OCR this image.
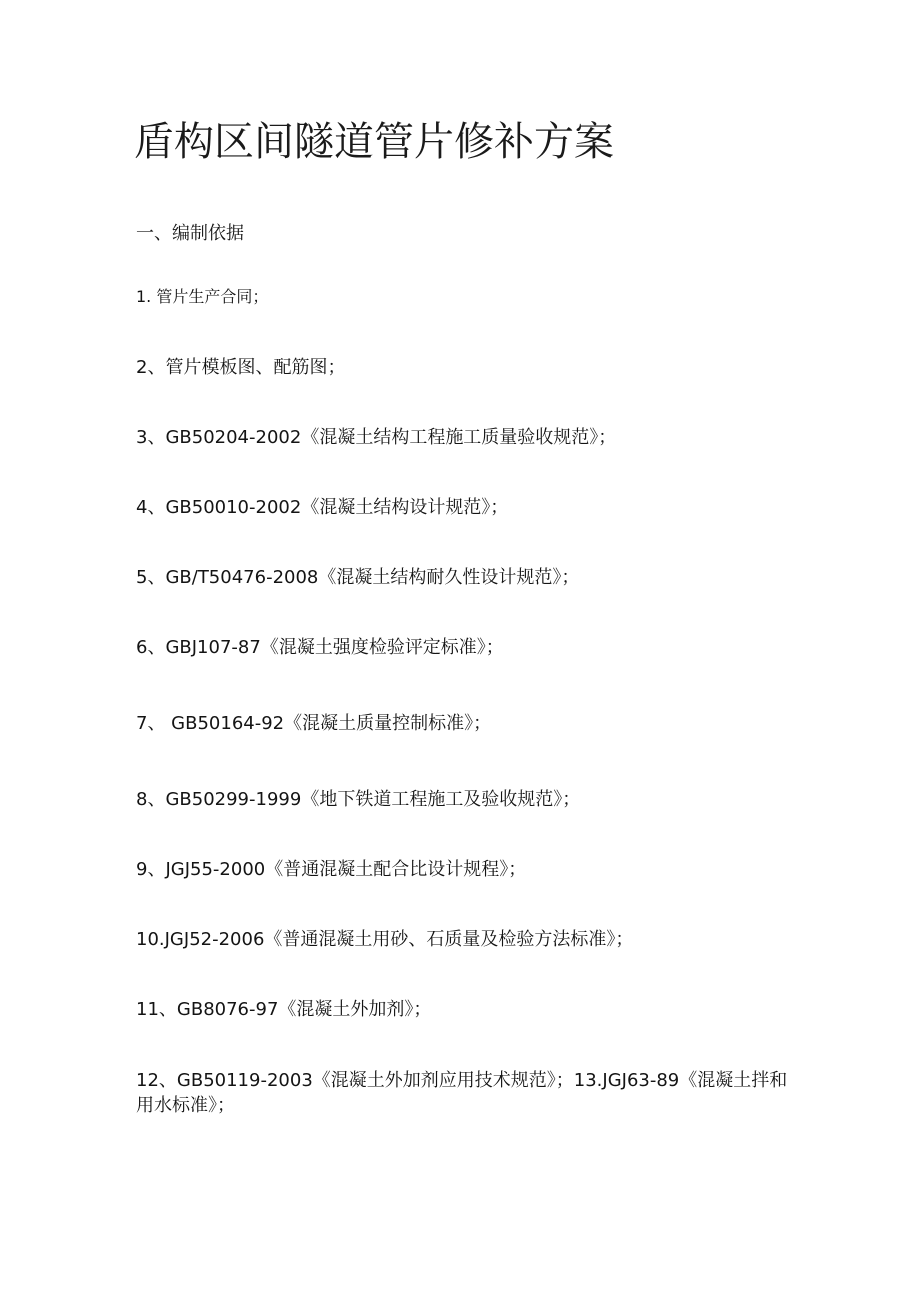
盾构区间隧道管片修补方案
一、编制依据
1. 管片生产合同；
2、管片模板图、配筋图；
3、GB50204-2002《混凝土结构工程施工质量验收规范》；
4、GB50010-2002《混凝土结构设计规范》；
5、GB/T50476-2008《混凝土结构耐久性设计规范》；
6、GBJ107-87《混凝土强度检验评定标准》；
7、 GB50164-92《混凝土质量控制标准》；
8、GB50299-1999《地下铁道工程施工及验收规范》；
9、JGJ55-2000《普通混凝土配合比设计规程》；
10.JGJ52-2006《普通混凝土用砂、石质量及检验方法标准》；
11、GB8076-97《混凝土外加剂》；
12、GB50119-2003《混凝土外加剂应用技术规范》；13.JGJ63-89《混凝土拌和用水标准》；
